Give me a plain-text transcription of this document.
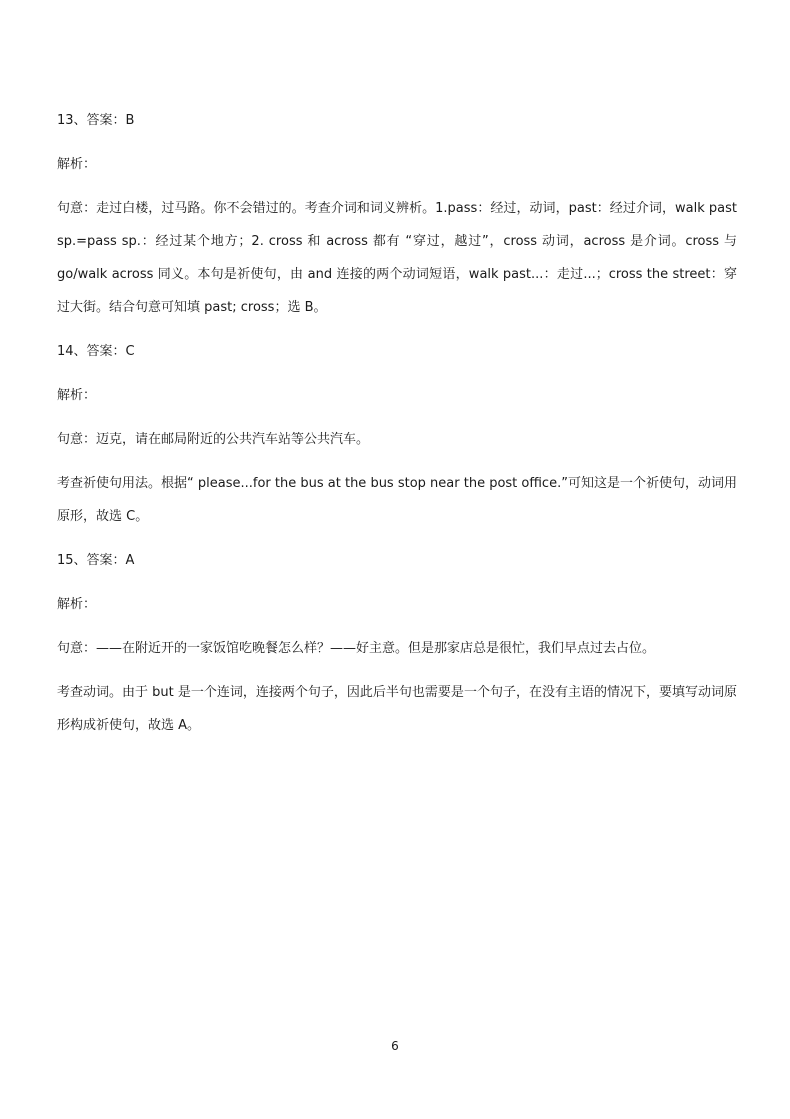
13、答案：B
解析：
句意：走过白楼，过马路。你不会错过的。考查介词和词义辨析。1.pass：经过，动词，past：经过介词，walk past sp.=pass sp.：经过某个地方；2. cross 和 across 都有 “穿过，越过”，cross 动词，across 是介词。cross 与 go/walk across 同义。本句是祈使句，由 and 连接的两个动词短语，walk past...：走过...；cross the street：穿过大街。结合句意可知填 past; cross；选 B。
14、答案：C
解析：
句意：迈克，请在邮局附近的公共汽车站等公共汽车。
考查祈使句用法。根据“ please...for the bus at the bus stop near the post office.”可知这是一个祈使句，动词用原形，故选 C。
15、答案：A
解析：
句意：——在附近开的一家饭馆吃晚餐怎么样？——好主意。但是那家店总是很忙，我们早点过去占位。
考查动词。由于 but 是一个连词，连接两个句子，因此后半句也需要是一个句子，在没有主语的情况下，要填写动词原形构成祈使句，故选 A。
6
